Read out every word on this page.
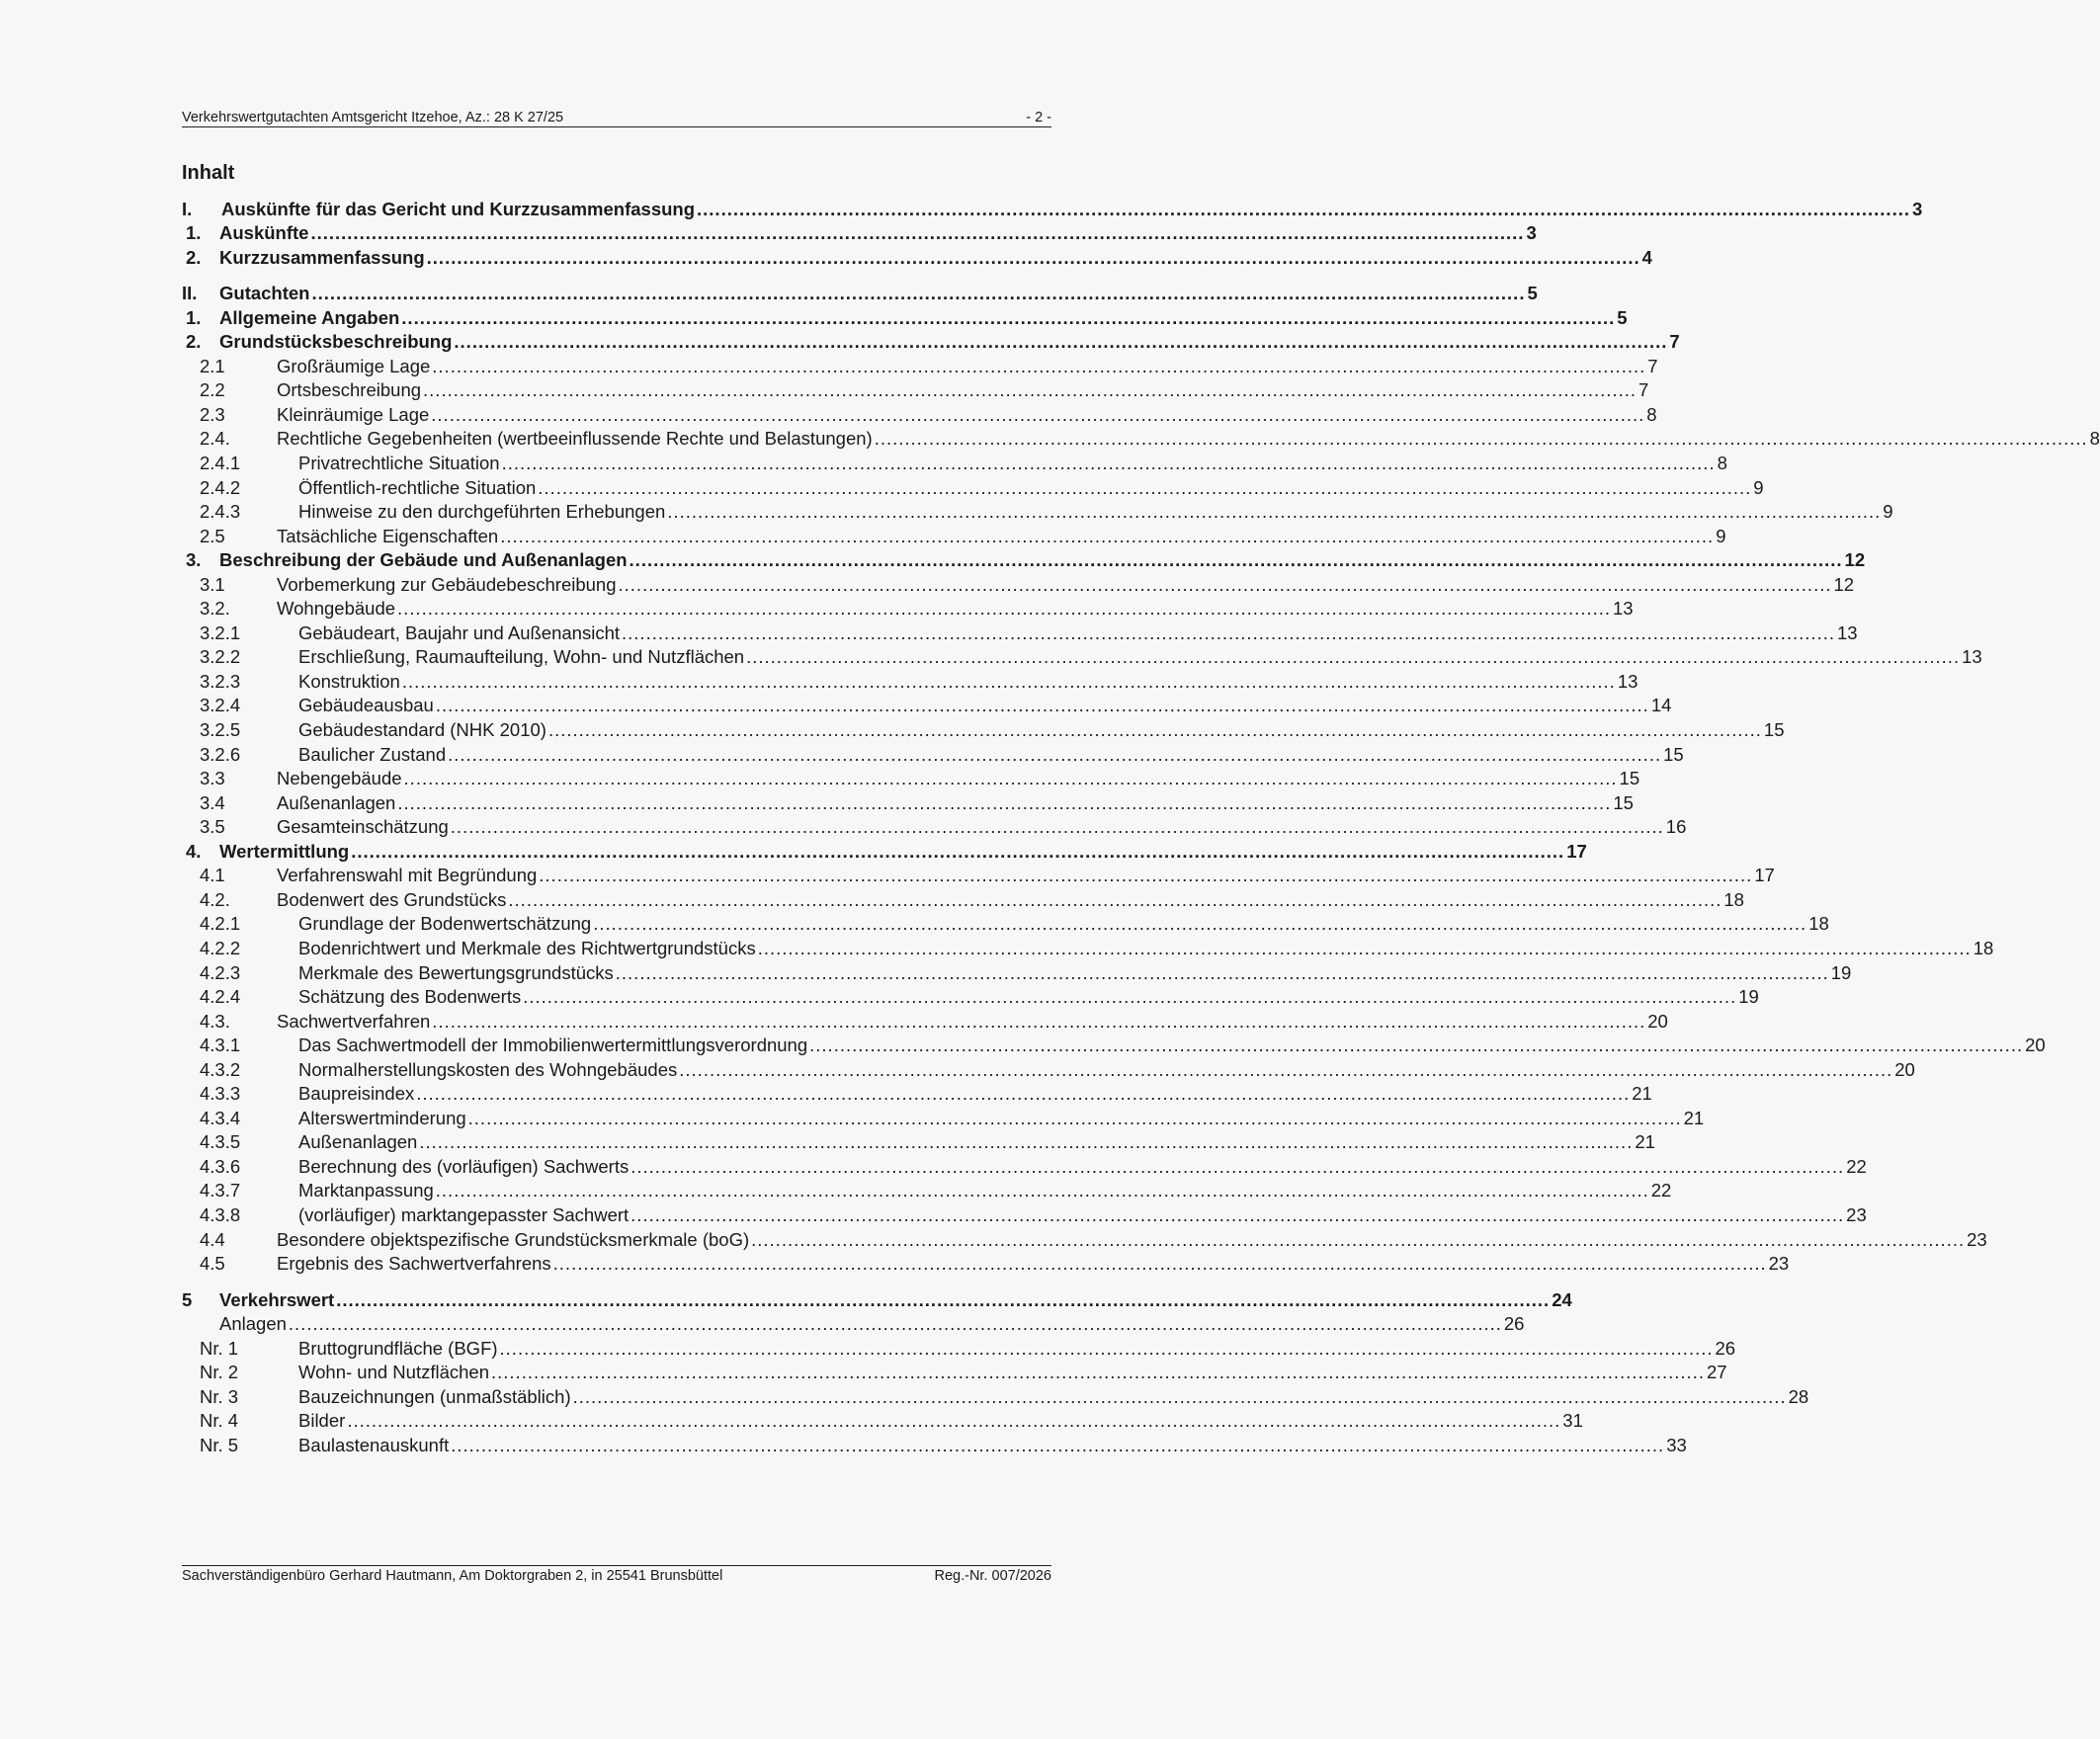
Verkehrswertgutachten Amtsgericht Itzehoe, Az.: 28 K 27/25	- 2 -
Inhalt
I. Auskünfte für das Gericht und Kurzzusammenfassung ........................................................................................................................................................................................................ 3
1. Auskünfte ........................................................................................................................................................................................................ 3
2. Kurzzusammenfassung ........................................................................................................................................................................................................ 4
II. Gutachten ........................................................................................................................................................................................................ 5
1. Allgemeine Angaben ........................................................................................................................................................................................................ 5
2. Grundstücksbeschreibung ........................................................................................................................................................................................................ 7
2.1	Großräumige Lage ........................................................................................................................................................................................................ 7
2.2	Ortsbeschreibung ........................................................................................................................................................................................................ 7
2.3	Kleinräumige Lage ........................................................................................................................................................................................................ 8
2.4.	Rechtliche Gegebenheiten (wertbeeinflussende Rechte und Belastungen) ........................................................................................................................................................................................................ 8
2.4.1	Privatrechtliche Situation ........................................................................................................................................................................................................ 8
2.4.2	Öffentlich-rechtliche Situation ........................................................................................................................................................................................................ 9
2.4.3	Hinweise zu den durchgeführten Erhebungen ........................................................................................................................................................................................................ 9
2.5	Tatsächliche Eigenschaften ........................................................................................................................................................................................................ 9
3. Beschreibung der Gebäude und Außenanlagen ........................................................................................................................................................................................................ 12
3.1	Vorbemerkung zur Gebäudebeschreibung ........................................................................................................................................................................................................ 12
3.2.	Wohngebäude ........................................................................................................................................................................................................ 13
3.2.1	Gebäudeart, Baujahr und Außenansicht ........................................................................................................................................................................................................ 13
3.2.2	Erschließung, Raumaufteilung, Wohn- und Nutzflächen ........................................................................................................................................................................................................ 13
3.2.3	Konstruktion ........................................................................................................................................................................................................ 13
3.2.4	Gebäudeausbau ........................................................................................................................................................................................................ 14
3.2.5	Gebäudestandard (NHK 2010) ........................................................................................................................................................................................................ 15
3.2.6	Baulicher Zustand ........................................................................................................................................................................................................ 15
3.3	Nebengebäude ........................................................................................................................................................................................................ 15
3.4	Außenanlagen ........................................................................................................................................................................................................ 15
3.5	Gesamteinschätzung ........................................................................................................................................................................................................ 16
4. Wertermittlung ........................................................................................................................................................................................................ 17
4.1	Verfahrenswahl mit Begründung ........................................................................................................................................................................................................ 17
4.2.	Bodenwert des Grundstücks ........................................................................................................................................................................................................ 18
4.2.1	Grundlage der Bodenwertschätzung ........................................................................................................................................................................................................ 18
4.2.2	Bodenrichtwert und Merkmale des Richtwertgrundstücks ........................................................................................................................................................................................................ 18
4.2.3	Merkmale des Bewertungsgrundstücks ........................................................................................................................................................................................................ 19
4.2.4	Schätzung des Bodenwerts ........................................................................................................................................................................................................ 19
4.3.	Sachwertverfahren ........................................................................................................................................................................................................ 20
4.3.1	Das Sachwertmodell der Immobilienwertermittlungsverordnung ........................................................................................................................................................................................................ 20
4.3.2	Normalherstellungskosten des Wohngebäudes ........................................................................................................................................................................................................ 20
4.3.3	Baupreisindex ........................................................................................................................................................................................................ 21
4.3.4	Alterswertminderung ........................................................................................................................................................................................................ 21
4.3.5	Außenanlagen ........................................................................................................................................................................................................ 21
4.3.6	Berechnung des (vorläufigen) Sachwerts ........................................................................................................................................................................................................ 22
4.3.7	Marktanpassung ........................................................................................................................................................................................................ 22
4.3.8	(vorläufiger) marktangepasster Sachwert ........................................................................................................................................................................................................ 23
4.4	Besondere objektspezifische Grundstücksmerkmale (boG) ........................................................................................................................................................................................................ 23
4.5	Ergebnis des Sachwertverfahrens ........................................................................................................................................................................................................ 23
5 Verkehrswert ........................................................................................................................................................................................................ 24
Anlagen ........................................................................................................................................................................................................ 26
Nr. 1	Bruttogrundfläche (BGF) ........................................................................................................................................................................................................ 26
Nr. 2	Wohn- und Nutzflächen ........................................................................................................................................................................................................ 27
Nr. 3	Bauzeichnungen (unmaßstäblich) ........................................................................................................................................................................................................ 28
Nr. 4	Bilder ........................................................................................................................................................................................................ 31
Nr. 5	Baulastenauskunft ........................................................................................................................................................................................................ 33
Sachverständigenbüro Gerhard Hautmann, Am Doktorgraben 2, in 25541 Brunsbüttel	Reg.-Nr. 007/2026
